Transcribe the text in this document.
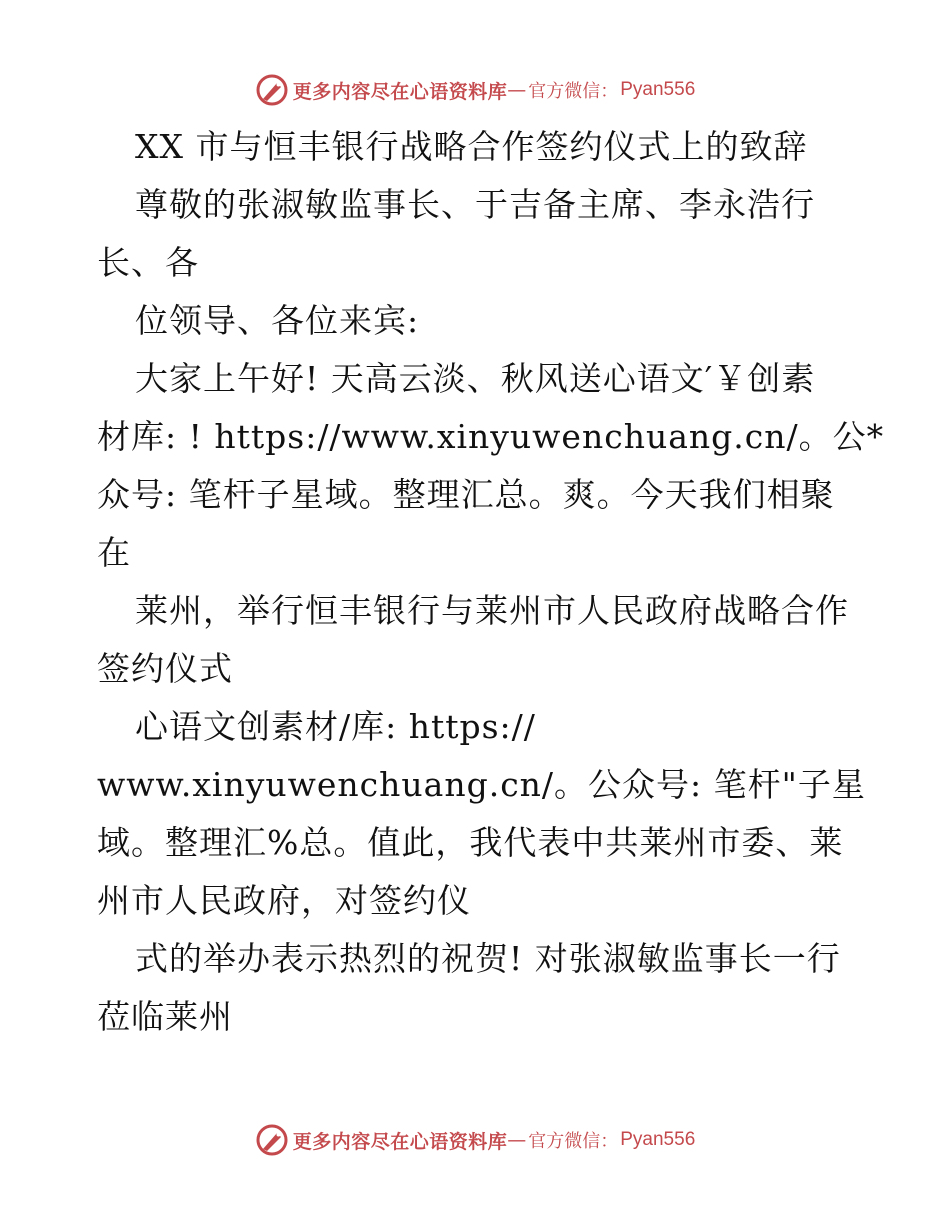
更多内容尽在心语资料库 — 官方微信： Pyan556
XX 市与恒丰银行战略合作签约仪式上的致辞
尊敬的张淑敏监事长、于吉备主席、李永浩行
长、各
位领导、各位来宾:
大家上午好! 天高云淡、秋风送心语文′￥创素
材库: ! https://www.xinyuwenchuang.cn/。公*
众号: 笔杆子星域。整理汇总。爽。今天我们相聚
在
莱州，举行恒丰银行与莱州市人民政府战略合作
签约仪式
心语文创素材/库: https://
www.xinyuwenchuang.cn/。公众号: 笔杆"子星
域。整理汇%总。值此，我代表中共莱州市委、莱
州市人民政府，对签约仪
式的举办表示热烈的祝贺! 对张淑敏监事长一行
莅临莱州
更多内容尽在心语资料库 — 官方微信： Pyan556
